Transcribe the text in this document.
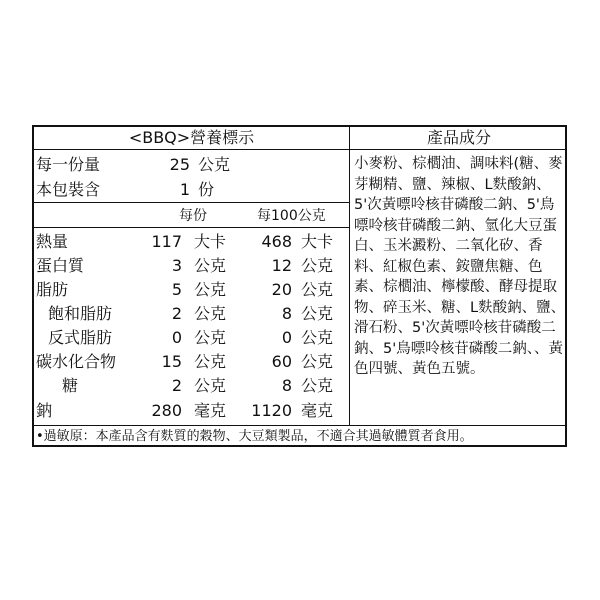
<BBQ>營養標示	產品成分
每一份量	25 公克
本包裝含	1 份
每份	每100公克
熱量	117 大卡	468 大卡
蛋白質	3 公克	12 公克
脂肪	5 公克	20 公克
飽和脂肪	2 公克	8 公克
反式脂肪	0 公克	0 公克
碳水化合物	15 公克	60 公克
糖	2 公克	8 公克
鈉	280 毫克	1120 毫克
小麥粉、棕櫚油、調味料(糖、麥芽糊精、鹽、辣椒、L麩酸鈉、5'次黃嘌呤核苷磷酸二鈉、5'鳥嘌呤核苷磷酸二鈉、氫化大豆蛋白、玉米澱粉、二氧化矽、香料、紅椒色素、銨鹽焦糖、色素、棕櫚油、檸檬酸、酵母提取物、碎玉米、糖、L麩酸鈉、鹽、滑石粉、5'次黃嘌呤核苷磷酸二鈉、5'鳥嘌呤核苷磷酸二鈉、、黃色四號、黃色五號。
•過敏原：本產品含有麩質的穀物、大豆類製品，不適合其過敏體質者食用。
